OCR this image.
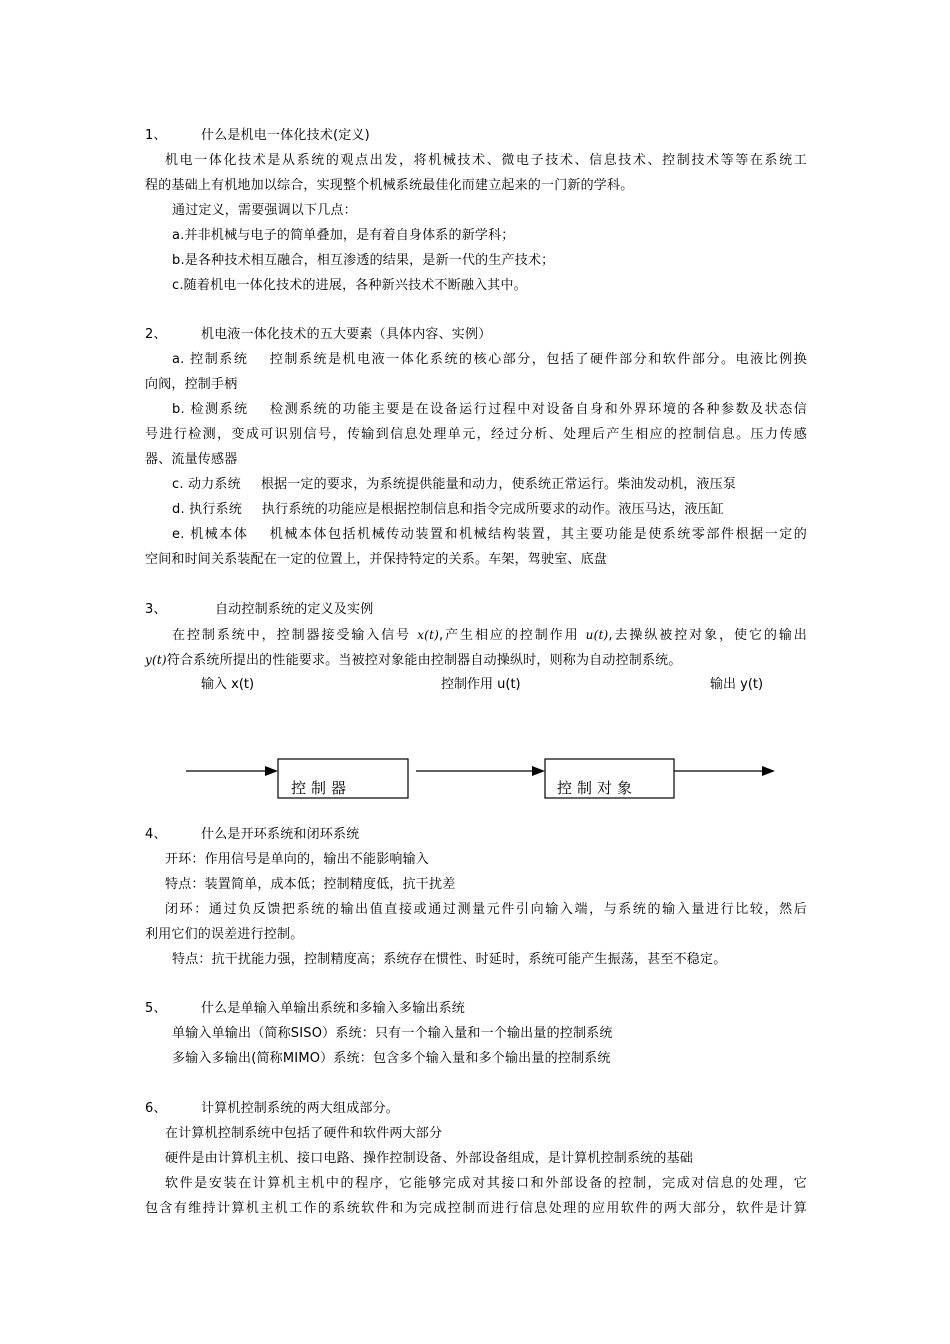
1、	什么是机电一体化技术(定义)
机电一体化技术是从系统的观点出发，将机械技术、微电子技术、信息技术、控制技术等等在系统工
程的基础上有机地加以综合，实现整个机械系统最佳化而建立起来的一门新的学科。
通过定义，需要强调以下几点：
a.并非机械与电子的简单叠加，是有着自身体系的新学科；
b.是各种技术相互融合，相互渗透的结果，是新一代的生产技术；
c.随着机电一体化技术的进展，各种新兴技术不断融入其中。
2、	机电液一体化技术的五大要素（具体内容、实例）
a. 控制系统 控制系统是机电液一体化系统的核心部分，包括了硬件部分和软件部分。电液比例换
向阀，控制手柄
b. 检测系统 检测系统的功能主要是在设备运行过程中对设备自身和外界环境的各种参数及状态信
号进行检测，变成可识别信号，传输到信息处理单元，经过分析、处理后产生相应的控制信息。压力传感
器、流量传感器
c. 动力系统 根据一定的要求，为系统提供能量和动力，使系统正常运行。柴油发动机，液压泵
d. 执行系统 执行系统的功能应是根据控制信息和指令完成所要求的动作。液压马达，液压缸
e. 机械本体 机械本体包括机械传动装置和机械结构装置，其主要功能是使系统零部件根据一定的
空间和时间关系装配在一定的位置上，并保持特定的关系。车架，驾驶室、底盘
3、	自动控制系统的定义及实例
在控制系统中，控制器接受输入信号 x(t),产生相应的控制作用 u(t),去操纵被控对象，使它的输出
y(t)符合系统所提出的性能要求。当被控对象能由控制器自动操纵时，则称为自动控制系统。
输入 x(t)	控制作用 u(t)	输出 y(t)
控制器	控制对象
4、	什么是开环系统和闭环系统
开环：作用信号是单向的，输出不能影响输入
特点：装置简单，成本低；控制精度低，抗干扰差
闭环：通过负反馈把系统的输出值直接或通过测量元件引向输入端，与系统的输入量进行比较，然后
利用它们的误差进行控制。
特点：抗干扰能力强，控制精度高；系统存在惯性、时延时，系统可能产生振荡，甚至不稳定。
5、	什么是单输入单输出系统和多输入多输出系统
单输入单输出（简称SISO）系统：只有一个输入量和一个输出量的控制系统
多输入多输出(简称MIMO）系统：包含多个输入量和多个输出量的控制系统
6、	计算机控制系统的两大组成部分。
在计算机控制系统中包括了硬件和软件两大部分
硬件是由计算机主机、接口电路、操作控制设备、外部设备组成，是计算机控制系统的基础
软件是安装在计算机主机中的程序，它能够完成对其接口和外部设备的控制，完成对信息的处理，它
包含有维持计算机主机工作的系统软件和为完成控制而进行信息处理的应用软件的两大部分，软件是计算
